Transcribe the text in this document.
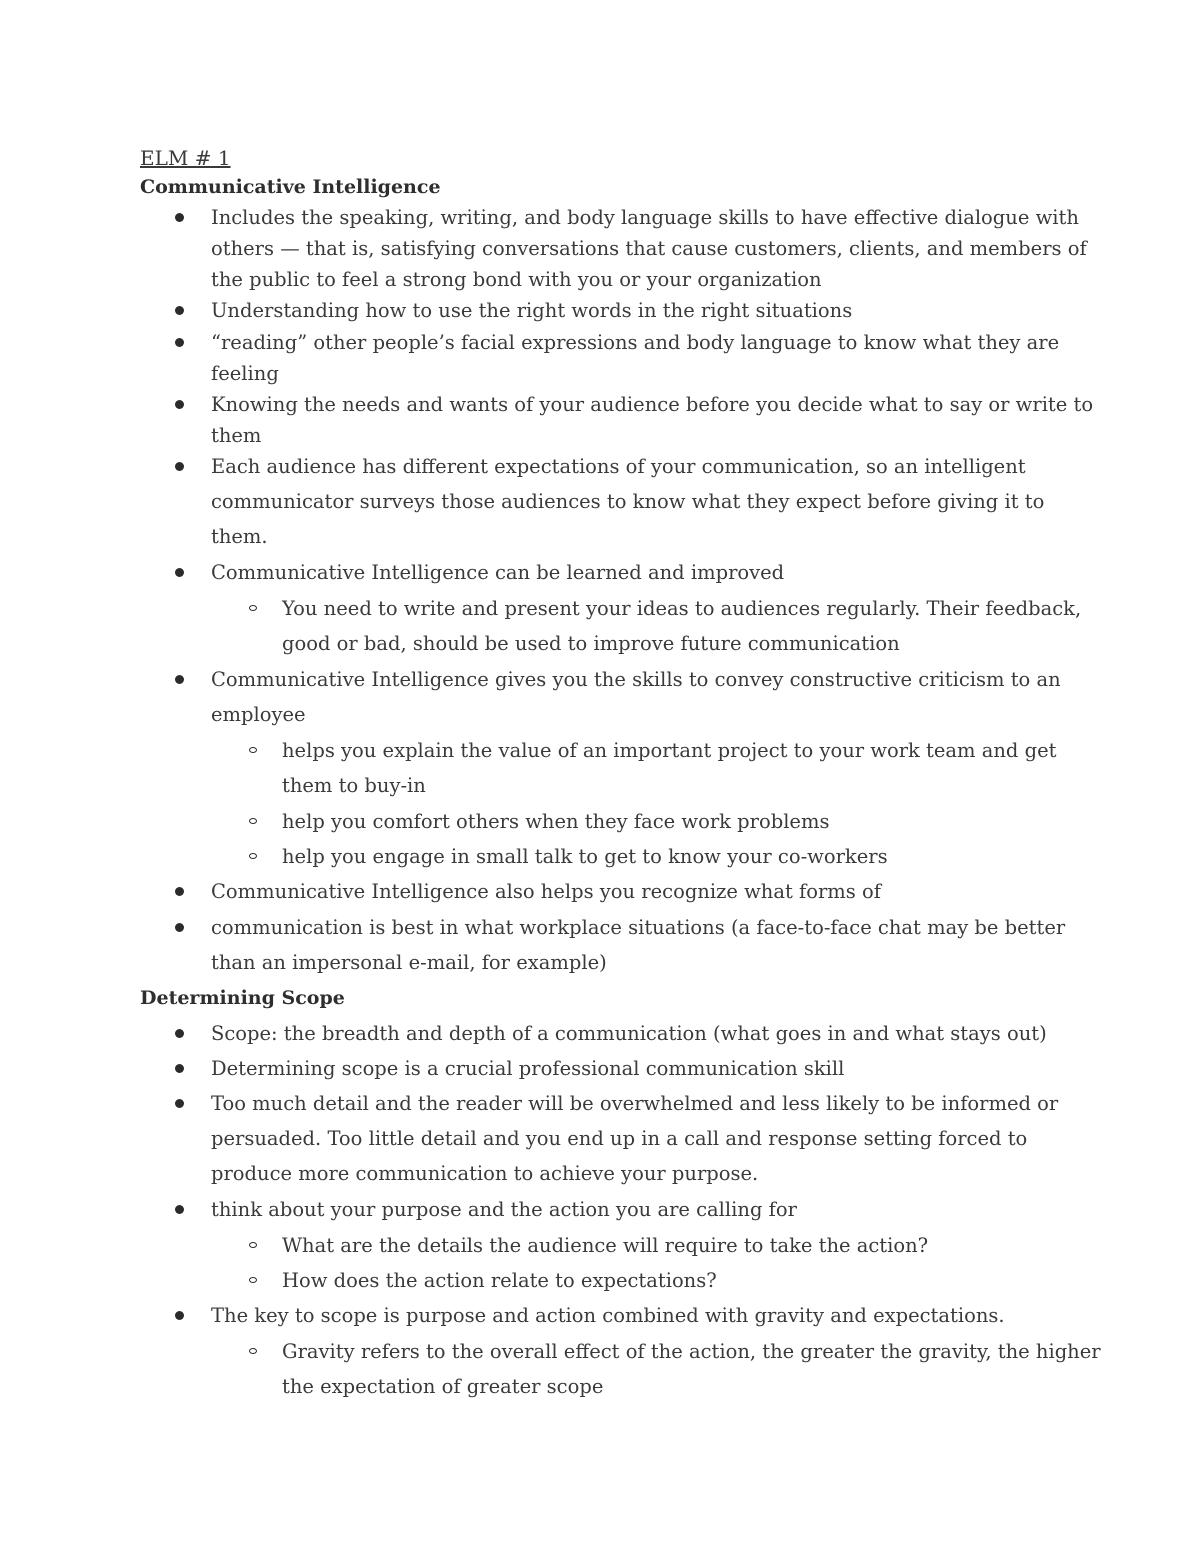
ELM # 1
Communicative Intelligence
Includes the speaking, writing, and body language skills to have effective dialogue with
others — that is, satisfying conversations that cause customers, clients, and members of
the public to feel a strong bond with you or your organization
Understanding how to use the right words in the right situations
“reading” other people’s facial expressions and body language to know what they are
feeling
Knowing the needs and wants of your audience before you decide what to say or write to
them
Each audience has different expectations of your communication, so an intelligent
communicator surveys those audiences to know what they expect before giving it to
them.
Communicative Intelligence can be learned and improved
You need to write and present your ideas to audiences regularly. Their feedback,
good or bad, should be used to improve future communication
Communicative Intelligence gives you the skills to convey constructive criticism to an
employee
helps you explain the value of an important project to your work team and get
them to buy-in
help you comfort others when they face work problems
help you engage in small talk to get to know your co-workers
Communicative Intelligence also helps you recognize what forms of
communication is best in what workplace situations (a face-to-face chat may be better
than an impersonal e-mail, for example)
Determining Scope
Scope: the breadth and depth of a communication (what goes in and what stays out)
Determining scope is a crucial professional communication skill
Too much detail and the reader will be overwhelmed and less likely to be informed or
persuaded. Too little detail and you end up in a call and response setting forced to
produce more communication to achieve your purpose.
think about your purpose and the action you are calling for
What are the details the audience will require to take the action?
How does the action relate to expectations?
The key to scope is purpose and action combined with gravity and expectations.
Gravity refers to the overall effect of the action, the greater the gravity, the higher
the expectation of greater scope
